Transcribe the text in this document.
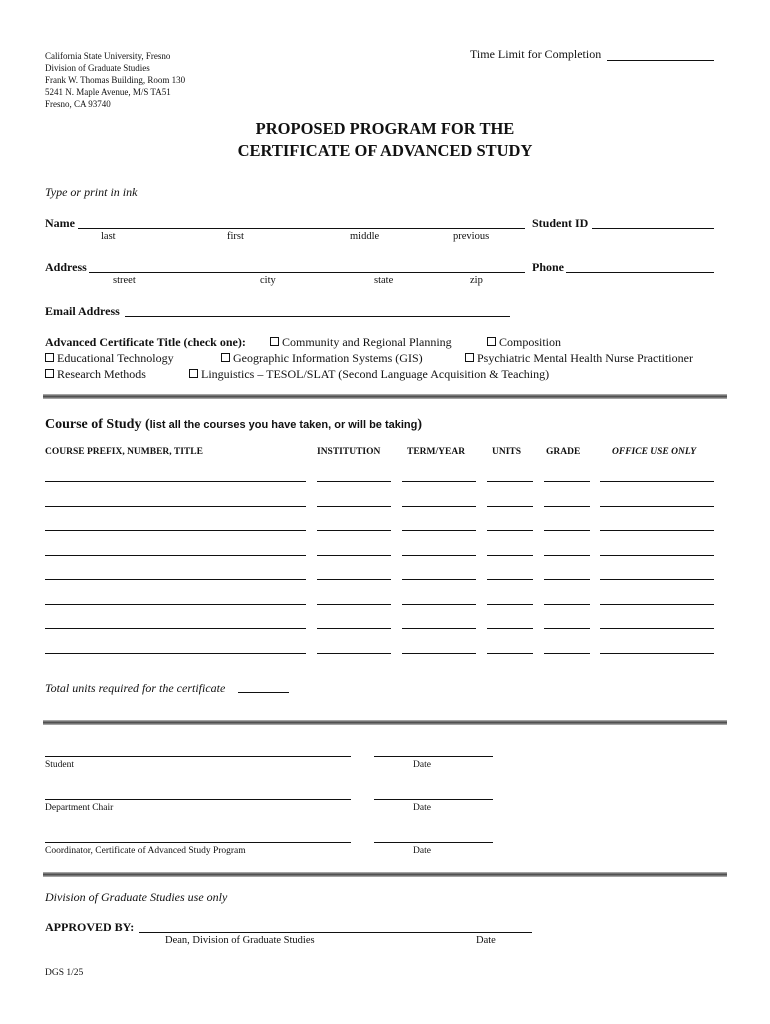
California State University, Fresno
Division of Graduate Studies
Frank W. Thomas Building, Room 130
5241 N. Maple Avenue, M/S TA51
Fresno, CA 93740
Time Limit for Completion
PROPOSED PROGRAM FOR THE
CERTIFICATE OF ADVANCED STUDY
Type or print in ink
Name
last	first	middle	previous
Student ID
Address
street	city	state	zip
Phone
Email Address
Advanced Certificate Title (check one):	Community and Regional Planning	Composition
Educational Technology	Geographic Information Systems (GIS)	Psychiatric Mental Health Nurse Practitioner
Research Methods	Linguistics – TESOL/SLAT (Second Language Acquisition & Teaching)
Course of Study (list all the courses you have taken, or will be taking)
COURSE PREFIX, NUMBER, TITLE	INSTITUTION	TERM/YEAR	UNITS	GRADE	OFFICE USE ONLY
Total units required for the certificate
Student	Date
Department Chair	Date
Coordinator, Certificate of Advanced Study Program	Date
Division of Graduate Studies use only
APPROVED BY:
Dean, Division of Graduate Studies	Date
DGS 1/25
